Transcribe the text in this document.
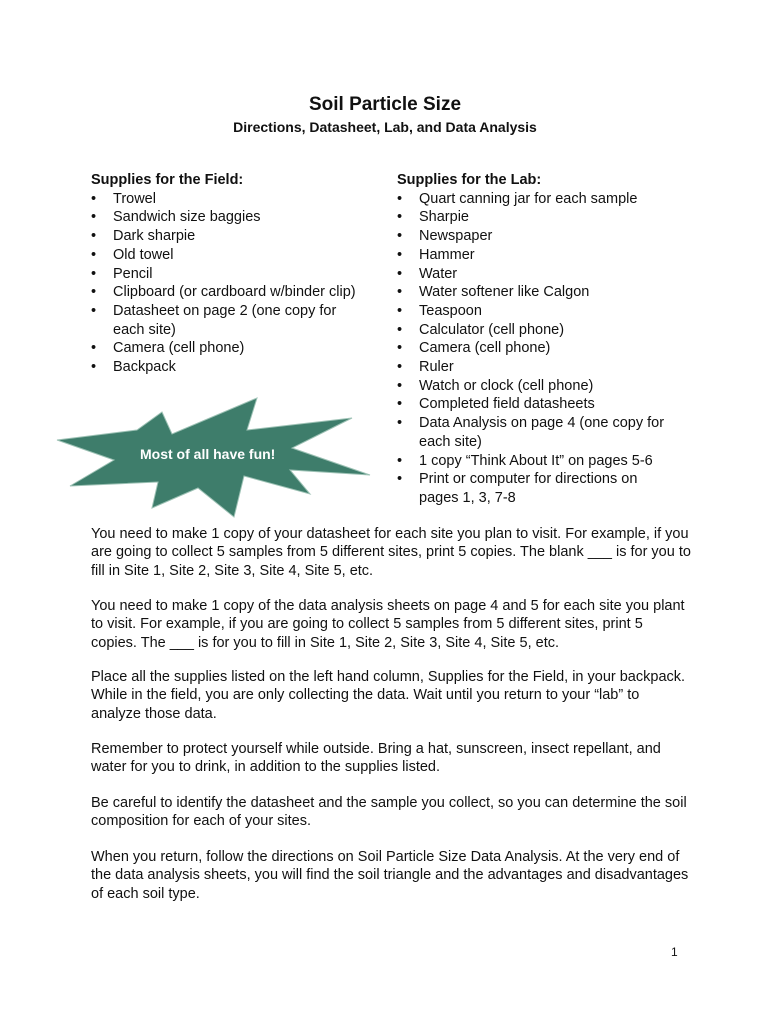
Soil Particle Size
Directions, Datasheet, Lab, and Data Analysis
Supplies for the Field:
• Trowel
• Sandwich size baggies
• Dark sharpie
• Old towel
• Pencil
• Clipboard (or cardboard w/binder clip)
• Datasheet on page 2 (one copy for each site)
• Camera (cell phone)
• Backpack
Supplies for the Lab:
• Quart canning jar for each sample
• Sharpie
• Newspaper
• Hammer
• Water
• Water softener like Calgon
• Teaspoon
• Calculator (cell phone)
• Camera (cell phone)
• Ruler
• Watch or clock (cell phone)
• Completed field datasheets
• Data Analysis on page 4 (one copy for each site)
• 1 copy “Think About It” on pages 5-6
• Print or computer for directions on pages 1, 3, 7-8
Most of all have fun!

You need to make 1 copy of your datasheet for each site you plan to visit. For example, if you are going to collect 5 samples from 5 different sites, print 5 copies. The blank ___ is for you to fill in Site 1, Site 2, Site 3, Site 4, Site 5, etc.

You need to make 1 copy of the data analysis sheets on page 4 and 5 for each site you plant to visit. For example, if you are going to collect 5 samples from 5 different sites, print 5 copies. The ___ is for you to fill in Site 1, Site 2, Site 3, Site 4, Site 5, etc.

Place all the supplies listed on the left hand column, Supplies for the Field, in your backpack. While in the field, you are only collecting the data. Wait until you return to your “lab” to analyze those data.

Remember to protect yourself while outside. Bring a hat, sunscreen, insect repellant, and water for you to drink, in addition to the supplies listed.

Be careful to identify the datasheet and the sample you collect, so you can determine the soil composition for each of your sites.

When you return, follow the directions on Soil Particle Size Data Analysis. At the very end of the data analysis sheets, you will find the soil triangle and the advantages and disadvantages of each soil type.

1
